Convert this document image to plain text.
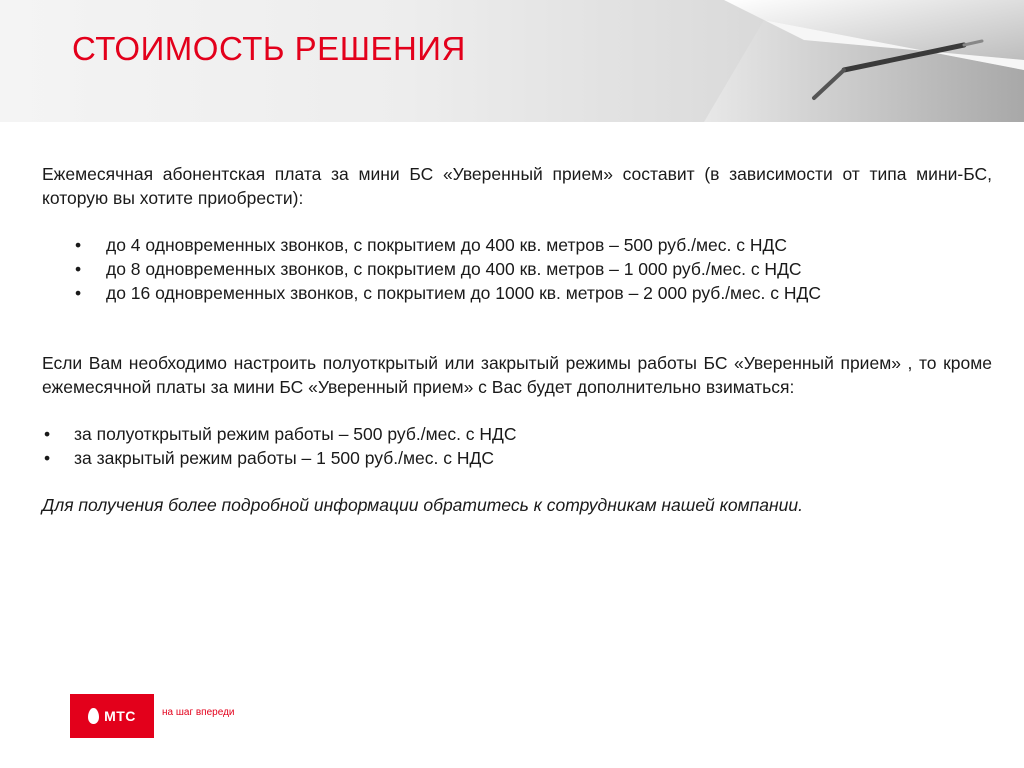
СТОИМОСТЬ РЕШЕНИЯ

Ежемесячная абонентская плата за мини БС «Уверенный прием» составит (в зависимости от типа мини-БС, которую вы хотите приобрести):

• до 4 одновременных звонков, с покрытием до 400 кв. метров – 500 руб./мес. с НДС
• до 8 одновременных звонков, с покрытием до 400 кв. метров – 1 000 руб./мес. с НДС
• до 16 одновременных звонков, с покрытием до 1000 кв. метров – 2 000 руб./мес. с НДС

Если Вам необходимо настроить полуоткрытый или закрытый режимы работы БС «Уверенный прием» , то кроме ежемесячной платы за мини БС «Уверенный прием» с Вас будет дополнительно взиматься:

• за полуоткрытый режим работы – 500 руб./мес. с НДС
• за закрытый режим работы – 1 500 руб./мес. с НДС

Для получения более подробной информации обратитесь к сотрудникам нашей компании.

МТС	на шаг впереди
